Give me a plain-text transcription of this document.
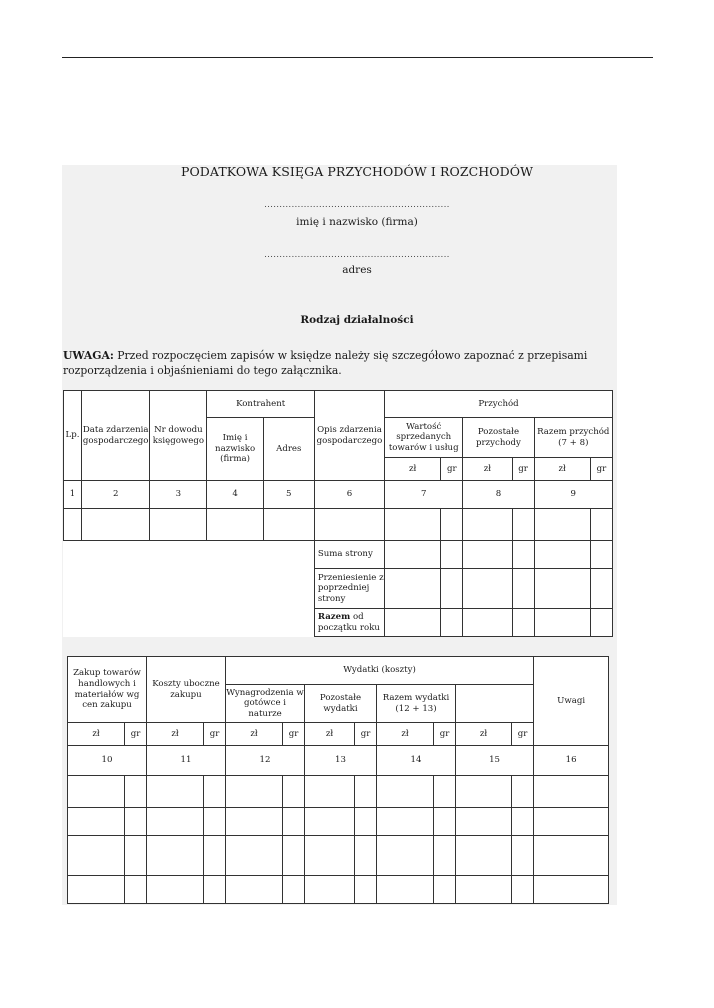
PODATKOWA KSIĘGA PRZYCHODÓW I ROZCHODÓW
.............................................................
imię i nazwisko (firma)
.............................................................
adres
Rodzaj działalności
UWAGA: Przed rozpoczęciem zapisów w księdze należy się szczegółowo zapoznać z przepisami rozporządzenia i objaśnieniami do tego załącznika.
Lp.	Data zdarzenia gospodarczego	Nr dowodu księgowego	Kontrahent		Opis zdarzenia gospodarczego	Przychód					
			Imię i nazwisko (firma)	Adres		Wartość sprzedanych towarów i usług		Pozostałe przychody		Razem przychód (7 + 8)	
						zł	gr	zł	gr	zł	gr
1	2	3	4	5	6	7		8		9	

					Suma strony						
					Przeniesienie z poprzedniej strony						
					Razem od początku roku						
Zakup towarów handlowych i materiałów wg cen zakupu		Koszty uboczne zakupu		Wydatki (koszty)								Uwagi
				Wynagrodzenia w gotówce i naturze		Pozostałe wydatki		Razem wydatki (12 + 13)				
zł	gr	zł	gr	zł	gr	zł	gr	zł	gr	zł	gr	
10		11		12		13		14		15		16
